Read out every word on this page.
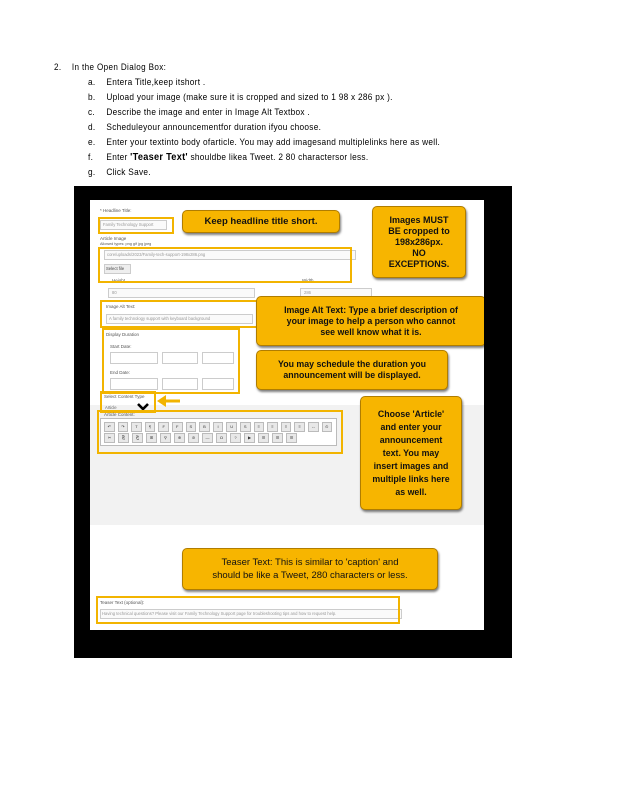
2. In the Open Dialog Box:
a. Entera Title,keep itshort .
b. Upload your image (make sure it is cropped and sized to 1 98 x 286 px ).
c. Describe the image and enter in Image Alt Textbox .
d. Scheduleyour announcementfor duration ifyou choose.
e. Enter your textinto body ofarticle. You may add imagesand multiplelinks here as well.
f. Enter 'Teaser Text' shouldbe likea Tweet. 2 80 charactersor less.
g. Click Save.
* Headline Title:
Family Technology Support
Article Image
Allowed types: png gif jpg jpeg
core/uploads/2023/Family-tech-support-198x286.png
Select file
Height	Width
80	286
Image Alt Text:
A family technology support with keyboard background
Display Duration
Start Date:
End Date:
Select Content Type
Article
Article Content:
↶	↷	T	¶	F	F	S	B	I	U	S	≡	≡	≡	≡	↔	⊙
✂	⎘	⎗	⊞	⚲	⊕	⊘	—	Ω	?	▶	☰	☰	☰
Teaser Text (optional):
Having technical questions? Please visit our Family Technology Support page for troubleshooting tips and how to request help.
Keep headline title short.	Images MUST
BE cropped to
198x286px.
NO
EXCEPTIONS.
Image Alt Text: Type a brief description of
your image to help a person who cannot
see well know what it is.
You may schedule the duration you
announcement will be displayed.
Choose 'Article'
and enter your
announcement
text. You may
insert images and
multiple links here
as well.
Teaser Text: This is similar to 'caption' and
should be like a Tweet, 280 characters or less.
